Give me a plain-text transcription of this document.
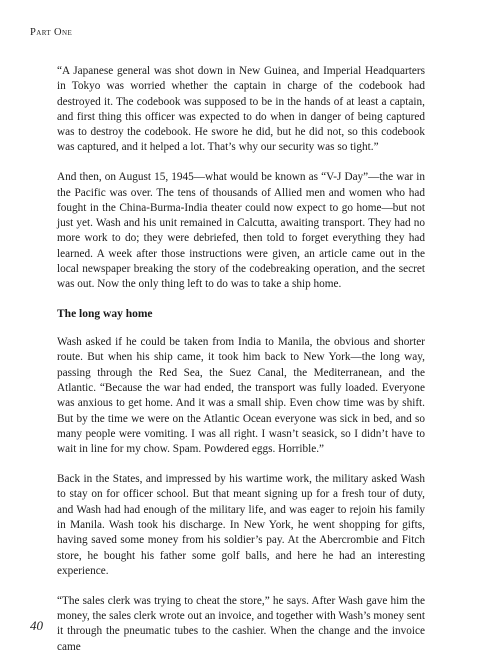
Part One

“A Japanese general was shot down in New Guinea, and Imperial Headquarters in Tokyo was worried whether the captain in charge of the codebook had destroyed it. The codebook was supposed to be in the hands of at least a captain, and first thing this officer was expected to do when in danger of being captured was to destroy the codebook. He swore he did, but he did not, so this codebook was captured, and it helped a lot. That’s why our security was so tight.”

And then, on August 15, 1945—what would be known as “V-J Day”—the war in the Pacific was over. The tens of thousands of Allied men and women who had fought in the China-Burma-India theater could now expect to go home—but not just yet. Wash and his unit remained in Calcutta, awaiting transport. They had no more work to do; they were debriefed, then told to forget everything they had learned. A week after those instructions were given, an article came out in the local newspaper breaking the story of the codebreaking operation, and the secret was out. Now the only thing left to do was to take a ship home.

The long way home

Wash asked if he could be taken from India to Manila, the obvious and shorter route. But when his ship came, it took him back to New York—the long way, passing through the Red Sea, the Suez Canal, the Mediterranean, and the Atlantic. “Because the war had ended, the transport was fully loaded. Everyone was anxious to get home. And it was a small ship. Even chow time was by shift. But by the time we were on the Atlantic Ocean everyone was sick in bed, and so many people were vomiting. I was all right. I wasn’t seasick, so I didn’t have to wait in line for my chow. Spam. Powdered eggs. Horrible.”

Back in the States, and impressed by his wartime work, the military asked Wash to stay on for officer school. But that meant signing up for a fresh tour of duty, and Wash had had enough of the military life, and was eager to rejoin his family in Manila. Wash took his discharge. In New York, he went shopping for gifts, having saved some money from his soldier’s pay. At the Abercrombie and Fitch store, he bought his father some golf balls, and here he had an interesting experience.

“The sales clerk was trying to cheat the store,” he says. After Wash gave him the money, the sales clerk wrote out an invoice, and together with Wash’s money sent it through the pneumatic tubes to the cashier. When the change and the invoice came

40
